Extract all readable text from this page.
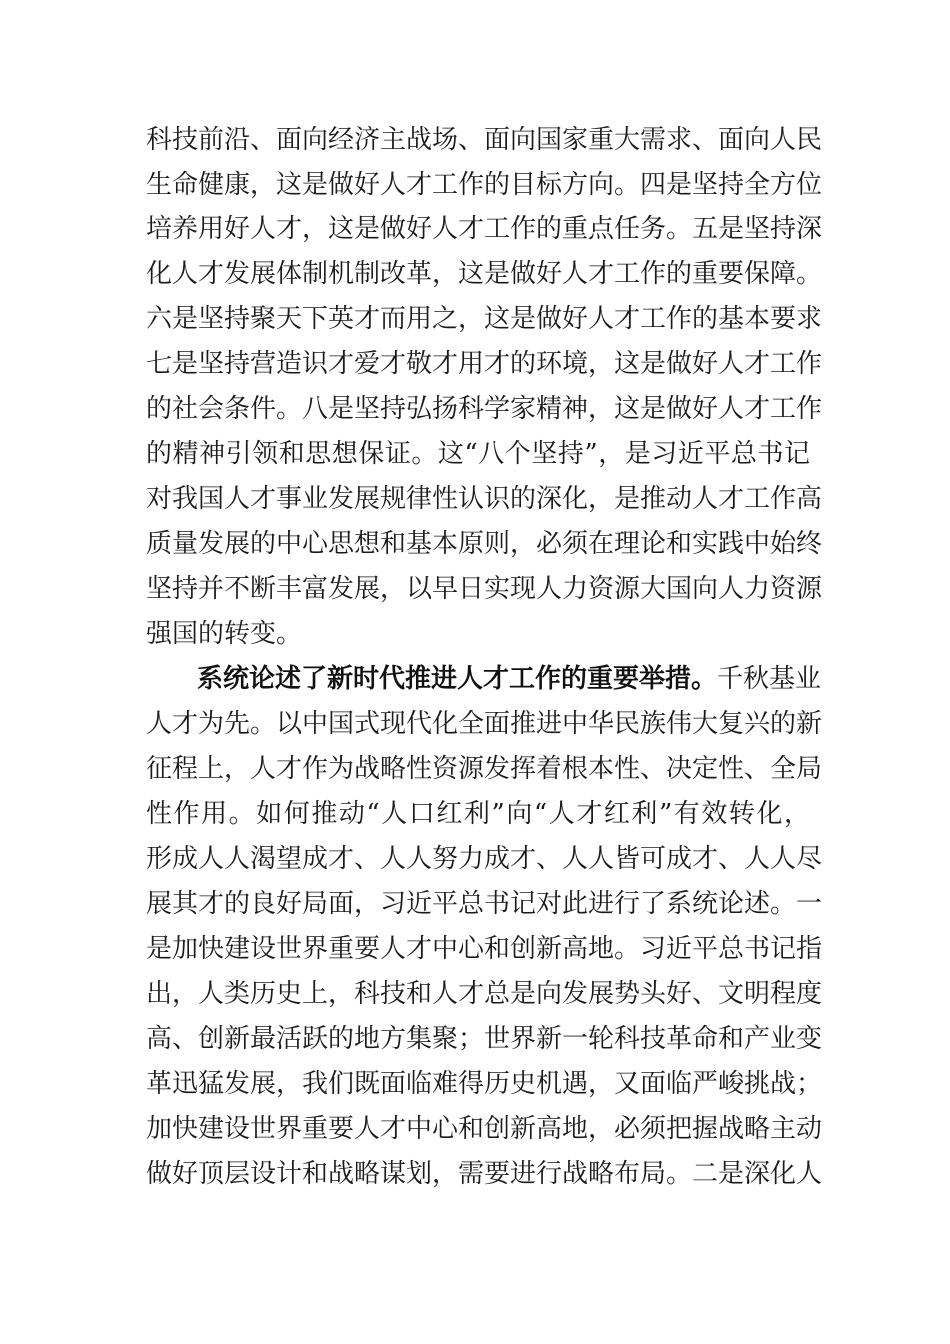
科技前沿、面向经济主战场、面向国家重大需求、面向人民
生命健康，这是做好人才工作的目标方向。四是坚持全方位
培养用好人才，这是做好人才工作的重点任务。五是坚持深
化人才发展体制机制改革，这是做好人才工作的重要保障。
六是坚持聚天下英才而用之，这是做好人才工作的基本要求
七是坚持营造识才爱才敬才用才的环境，这是做好人才工作
的社会条件。八是坚持弘扬科学家精神，这是做好人才工作
的精神引领和思想保证。这“八个坚持”，是习近平总书记
对我国人才事业发展规律性认识的深化，是推动人才工作高
质量发展的中心思想和基本原则，必须在理论和实践中始终
坚持并不断丰富发展，以早日实现人力资源大国向人力资源
强国的转变。
系统论述了新时代推进人才工作的重要举措。千秋基业
人才为先。以中国式现代化全面推进中华民族伟大复兴的新
征程上，人才作为战略性资源发挥着根本性、决定性、全局
性作用。如何推动“人口红利”向“人才红利”有效转化，
形成人人渴望成才、人人努力成才、人人皆可成才、人人尽
展其才的良好局面，习近平总书记对此进行了系统论述。一
是加快建设世界重要人才中心和创新高地。习近平总书记指
出，人类历史上，科技和人才总是向发展势头好、文明程度
高、创新最活跃的地方集聚；世界新一轮科技革命和产业变
革迅猛发展，我们既面临难得历史机遇，又面临严峻挑战；
加快建设世界重要人才中心和创新高地，必须把握战略主动
做好顶层设计和战略谋划，需要进行战略布局。二是深化人
